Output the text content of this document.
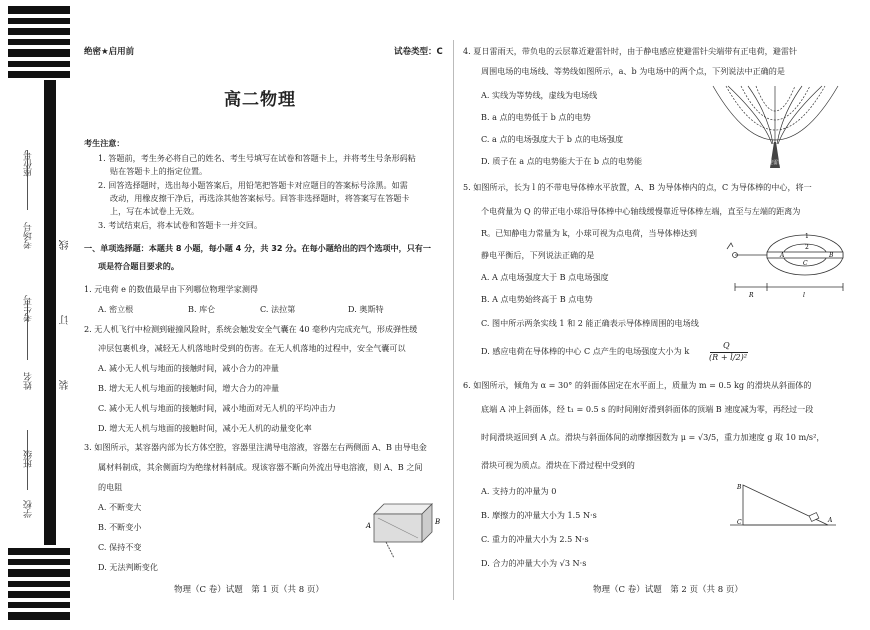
学校
班级
姓名
考生号
考场号
座位号
线
订
装

绝密★启用前	试卷类型：C

高二物理

考生注意：

1. 答题前，考生务必将自己的姓名、考生号填写在试卷和答题卡上，并将考生号条形码粘

贴在答题卡上的指定位置。

2. 回答选择题时，选出每小题答案后，用铅笔把答题卡对应题目的答案标号涂黑。如需

改动，用橡皮擦干净后，再选涂其他答案标号。回答非选择题时，将答案写在答题卡

上，写在本试卷上无效。

3. 考试结束后，将本试卷和答题卡一并交回。

一、单项选择题：本题共 8 小题，每小题 4 分，共 32 分。在每小题给出的四个选项中，只有一

项是符合题目要求的。

1. 元电荷 e 的数值最早由下列哪位物理学家测得

A. 密立根	B. 库仑	C. 法拉第	D. 奥斯特

2. 无人机飞行中检测到碰撞风险时，系统会触发安全气囊在 40 毫秒内完成充气，形成弹性缓

冲层包裹机身，减轻无人机落地时受到的伤害。在无人机落地的过程中，安全气囊可以

A. 减小无人机与地面的接触时间，减小合力的冲量

B. 增大无人机与地面的接触时间，增大合力的冲量

C. 减小无人机与地面的接触时间，减小地面对无人机的平均冲击力

D. 增大无人机与地面的接触时间，减小无人机的动量变化率

3. 如图所示，某容器内部为长方体空腔，容器里注满导电溶液，容器左右两侧面 A、B 由导电金

属材料制成，其余侧面均为绝缘材料制成。现该容器不断向外流出导电溶液，则 A、B 之间

的电阻

A. 不断变大

B. 不断变小

C. 保持不变

D. 无法判断变化

A	B

物理（C 卷）试题　第 1 页（共 8 页）

4. 夏日雷雨天，带负电的云层靠近避雷针时，由于静电感应使避雷针尖端带有正电荷，避雷针

周围电场的电场线、等势线如图所示，a、b 为电场中的两个点，下列说法中正确的是

A. 实线为等势线，虚线为电场线

B. a 点的电势低于 b 点的电势

C. a 点的电场强度大于 b 点的电场强度

D. 质子在 a 点的电势能大于在 b 点的电势能	避雷针

5. 如图所示，长为 l 的不带电导体棒水平放置，A、B 为导体棒内的点，C 为导体棒的中心，将一

个电荷量为 Q 的带正电小球沿导体棒中心轴线缓慢靠近导体棒左端，直至与左端的距离为

R。已知静电力常量为 k，小球可视为点电荷，当导体棒达到

静电平衡后，下列说法正确的是

A. A 点电场强度大于 B 点电场强度

B. A 点电势始终高于 B 点电势

C. 图中所示两条实线 1 和 2 能正确表示导体棒周围的电场线

D. 感应电荷在导体棒的中心 C 点产生的电场强度大小为 k

Q

(R + l/2)²

1
2
A
C
B
R	l

6. 如图所示，倾角为 α = 30° 的斜面体固定在水平面上，质量为 m = 0.5 kg 的滑块从斜面体的

底端 A 冲上斜面体，经 t₁ = 0.5 s 的时间刚好滑到斜面体的顶端 B 速度减为零，再经过一段

时间滑块返回到 A 点。滑块与斜面体间的动摩擦因数为 μ = √3/5，重力加速度 g 取 10 m/s²，

滑块可视为质点。滑块在下滑过程中受到的

A. 支持力的冲量为 0

B. 摩擦力的冲量大小为 1.5 N·s

C. 重力的冲量大小为 2.5 N·s

D. 合力的冲量大小为 √3 N·s

B
C	A

物理（C 卷）试题　第 2 页（共 8 页）
